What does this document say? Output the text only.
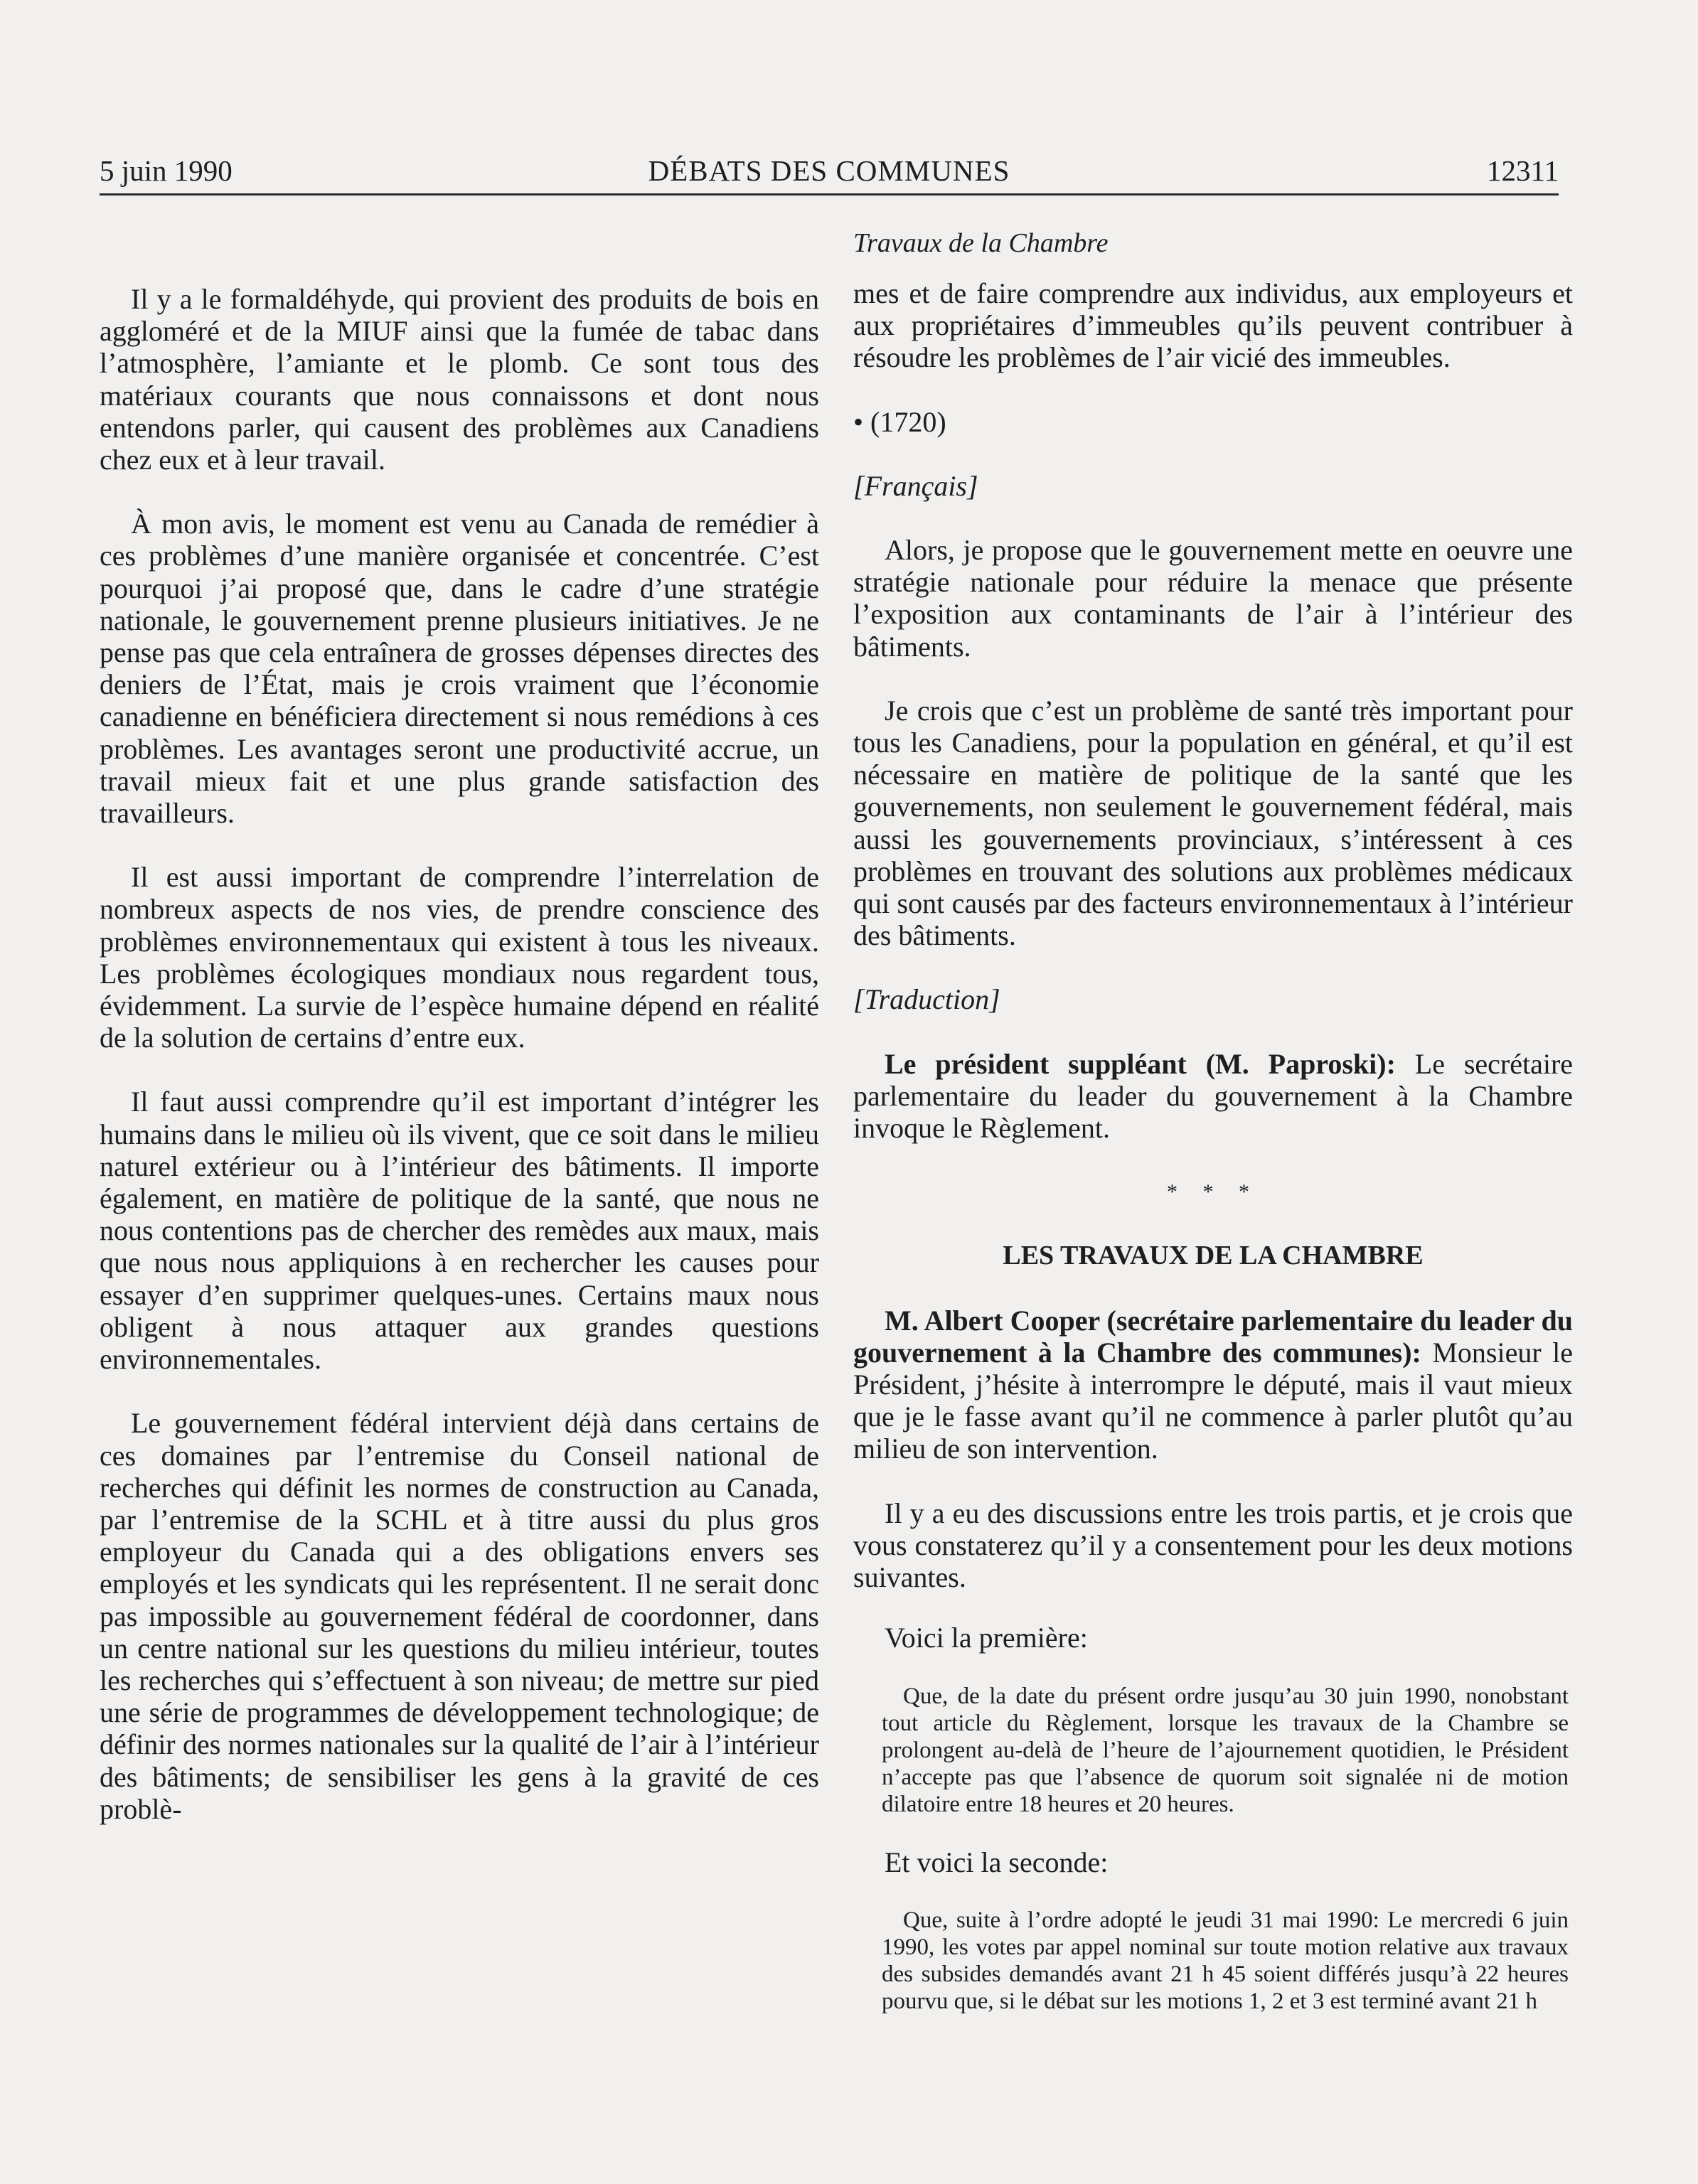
5 juin 1990	DÉBATS DES COMMUNES	12311

Il y a le formaldéhyde, qui provient des produits de bois en aggloméré et de la MIUF ainsi que la fumée de tabac dans l’atmosphère, l’amiante et le plomb. Ce sont tous des matériaux courants que nous connaissons et dont nous entendons parler, qui causent des problèmes aux Canadiens chez eux et à leur travail.

À mon avis, le moment est venu au Canada de remédier à ces problèmes d’une manière organisée et concentrée. C’est pourquoi j’ai proposé que, dans le cadre d’une stratégie nationale, le gouvernement prenne plusieurs initiatives. Je ne pense pas que cela entraînera de grosses dépenses directes des deniers de l’État, mais je crois vraiment que l’économie canadienne en bénéficiera directement si nous remédions à ces problèmes. Les avantages seront une productivité accrue, un travail mieux fait et une plus grande satisfaction des travailleurs.

Il est aussi important de comprendre l’interrelation de nombreux aspects de nos vies, de prendre conscience des problèmes environnementaux qui existent à tous les niveaux. Les problèmes écologiques mondiaux nous regardent tous, évidemment. La survie de l’espèce humaine dépend en réalité de la solution de certains d’entre eux.

Il faut aussi comprendre qu’il est important d’intégrer les humains dans le milieu où ils vivent, que ce soit dans le milieu naturel extérieur ou à l’intérieur des bâtiments. Il importe également, en matière de politique de la santé, que nous ne nous contentions pas de chercher des remèdes aux maux, mais que nous nous appliquions à en rechercher les causes pour essayer d’en supprimer quelques-unes. Certains maux nous obligent à nous attaquer aux grandes questions environnementales.

Le gouvernement fédéral intervient déjà dans certains de ces domaines par l’entremise du Conseil national de recherches qui définit les normes de construction au Canada, par l’entremise de la SCHL et à titre aussi du plus gros employeur du Canada qui a des obligations envers ses employés et les syndicats qui les représentent. Il ne serait donc pas impossible au gouvernement fédéral de coordonner, dans un centre national sur les questions du milieu intérieur, toutes les recherches qui s’effectuent à son niveau; de mettre sur pied une série de programmes de développement technologique; de définir des normes nationales sur la qualité de l’air à l’intérieur des bâtiments; de sensibiliser les gens à la gravité de ces problè-

Travaux de la Chambre

mes et de faire comprendre aux individus, aux employeurs et aux propriétaires d’immeubles qu’ils peuvent contribuer à résoudre les problèmes de l’air vicié des immeubles.

• (1720)

[Français]

Alors, je propose que le gouvernement mette en oeuvre une stratégie nationale pour réduire la menace que présente l’exposition aux contaminants de l’air à l’intérieur des bâtiments.

Je crois que c’est un problème de santé très important pour tous les Canadiens, pour la population en général, et qu’il est nécessaire en matière de politique de la santé que les gouvernements, non seulement le gouvernement fédéral, mais aussi les gouvernements provinciaux, s’intéressent à ces problèmes en trouvant des solutions aux problèmes médicaux qui sont causés par des facteurs environnementaux à l’intérieur des bâtiments.

[Traduction]

Le président suppléant (M. Paproski): Le secrétaire parlementaire du leader du gouvernement à la Chambre invoque le Règlement.

* * *

LES TRAVAUX DE LA CHAMBRE

M. Albert Cooper (secrétaire parlementaire du leader du gouvernement à la Chambre des communes): Monsieur le Président, j’hésite à interrompre le député, mais il vaut mieux que je le fasse avant qu’il ne commence à parler plutôt qu’au milieu de son intervention.

Il y a eu des discussions entre les trois partis, et je crois que vous constaterez qu’il y a consentement pour les deux motions suivantes.

Voici la première:

Que, de la date du présent ordre jusqu’au 30 juin 1990, nonobstant tout article du Règlement, lorsque les travaux de la Chambre se prolongent au-delà de l’heure de l’ajournement quotidien, le Président n’accepte pas que l’absence de quorum soit signalée ni de motion dilatoire entre 18 heures et 20 heures.

Et voici la seconde:

Que, suite à l’ordre adopté le jeudi 31 mai 1990: Le mercredi 6 juin 1990, les votes par appel nominal sur toute motion relative aux travaux des subsides demandés avant 21 h 45 soient différés jusqu’à 22 heures pourvu que, si le débat sur les motions 1, 2 et 3 est terminé avant 21 h
